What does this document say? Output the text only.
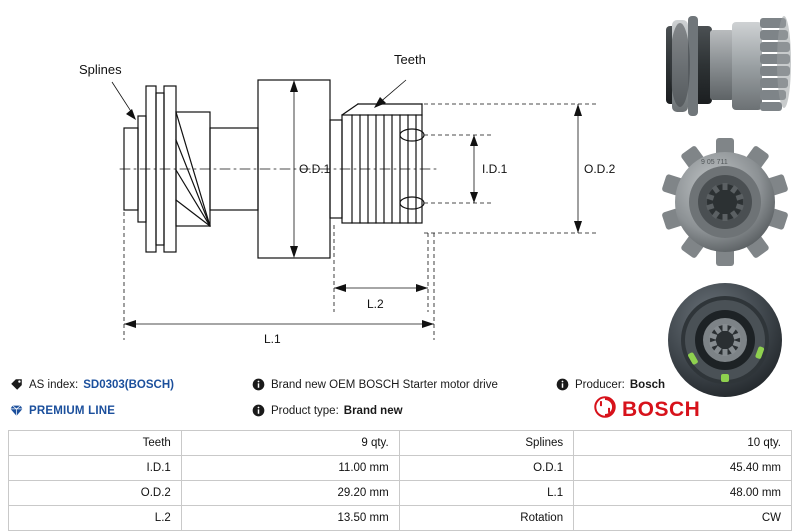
Splines
Teeth
O.D.1	I.D.1	O.D.2
L.2
L.1
9 05 711
AS index: SD0303(BOSCH)
PREMIUM LINE
Brand new OEM BOSCH Starter motor drive
Product type: Brand new
Producer: Bosch
BOSCH
Teeth	9 qty.	Splines	10 qty.
I.D.1	11.00 mm	O.D.1	45.40 mm
O.D.2	29.20 mm	L.1	48.00 mm
L.2	13.50 mm	Rotation	CW
